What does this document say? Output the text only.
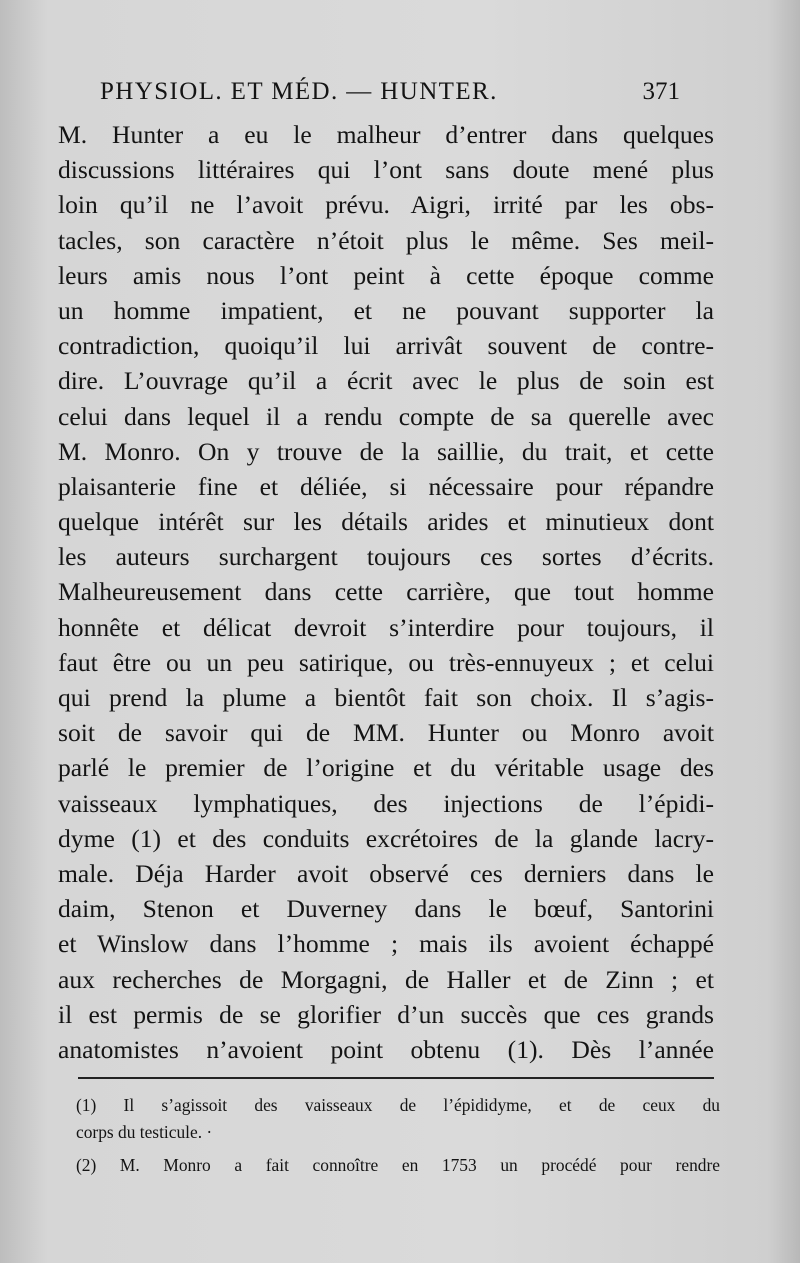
PHYSIOL. ET MÉD. — HUNTER.	371
M. Hunter a eu le malheur d’entrer dans quelques
discussions littéraires qui l’ont sans doute mené plus
loin qu’il ne l’avoit prévu. Aigri, irrité par les obs-
tacles, son caractère n’étoit plus le même. Ses meil-
leurs amis nous l’ont peint à cette époque comme
un homme impatient, et ne pouvant supporter la
contradiction, quoiqu’il lui arrivât souvent de contre-
dire. L’ouvrage qu’il a écrit avec le plus de soin est
celui dans lequel il a rendu compte de sa querelle avec
M. Monro. On y trouve de la saillie, du trait, et cette
plaisanterie fine et déliée, si nécessaire pour répandre
quelque intérêt sur les détails arides et minutieux dont
les auteurs surchargent toujours ces sortes d’écrits.
Malheureusement dans cette carrière, que tout homme
honnête et délicat devroit s’interdire pour toujours, il
faut être ou un peu satirique, ou très-ennuyeux ; et celui
qui prend la plume a bientôt fait son choix. Il s’agis-
soit de savoir qui de MM. Hunter ou Monro avoit
parlé le premier de l’origine et du véritable usage des
vaisseaux lymphatiques, des injections de l’épidi-
dyme (1) et des conduits excrétoires de la glande lacry-
male. Déja Harder avoit observé ces derniers dans le
daim, Stenon et Duverney dans le bœuf, Santorini
et Winslow dans l’homme ; mais ils avoient échappé
aux recherches de Morgagni, de Haller et de Zinn ; et
il est permis de se glorifier d’un succès que ces grands
anatomistes n’avoient point obtenu (1). Dès l’année
(1) Il s’agissoit des vaisseaux de l’épididyme, et de ceux du
corps du testicule. ·
(2) M. Monro a fait connoître en 1753 un procédé pour rendre
